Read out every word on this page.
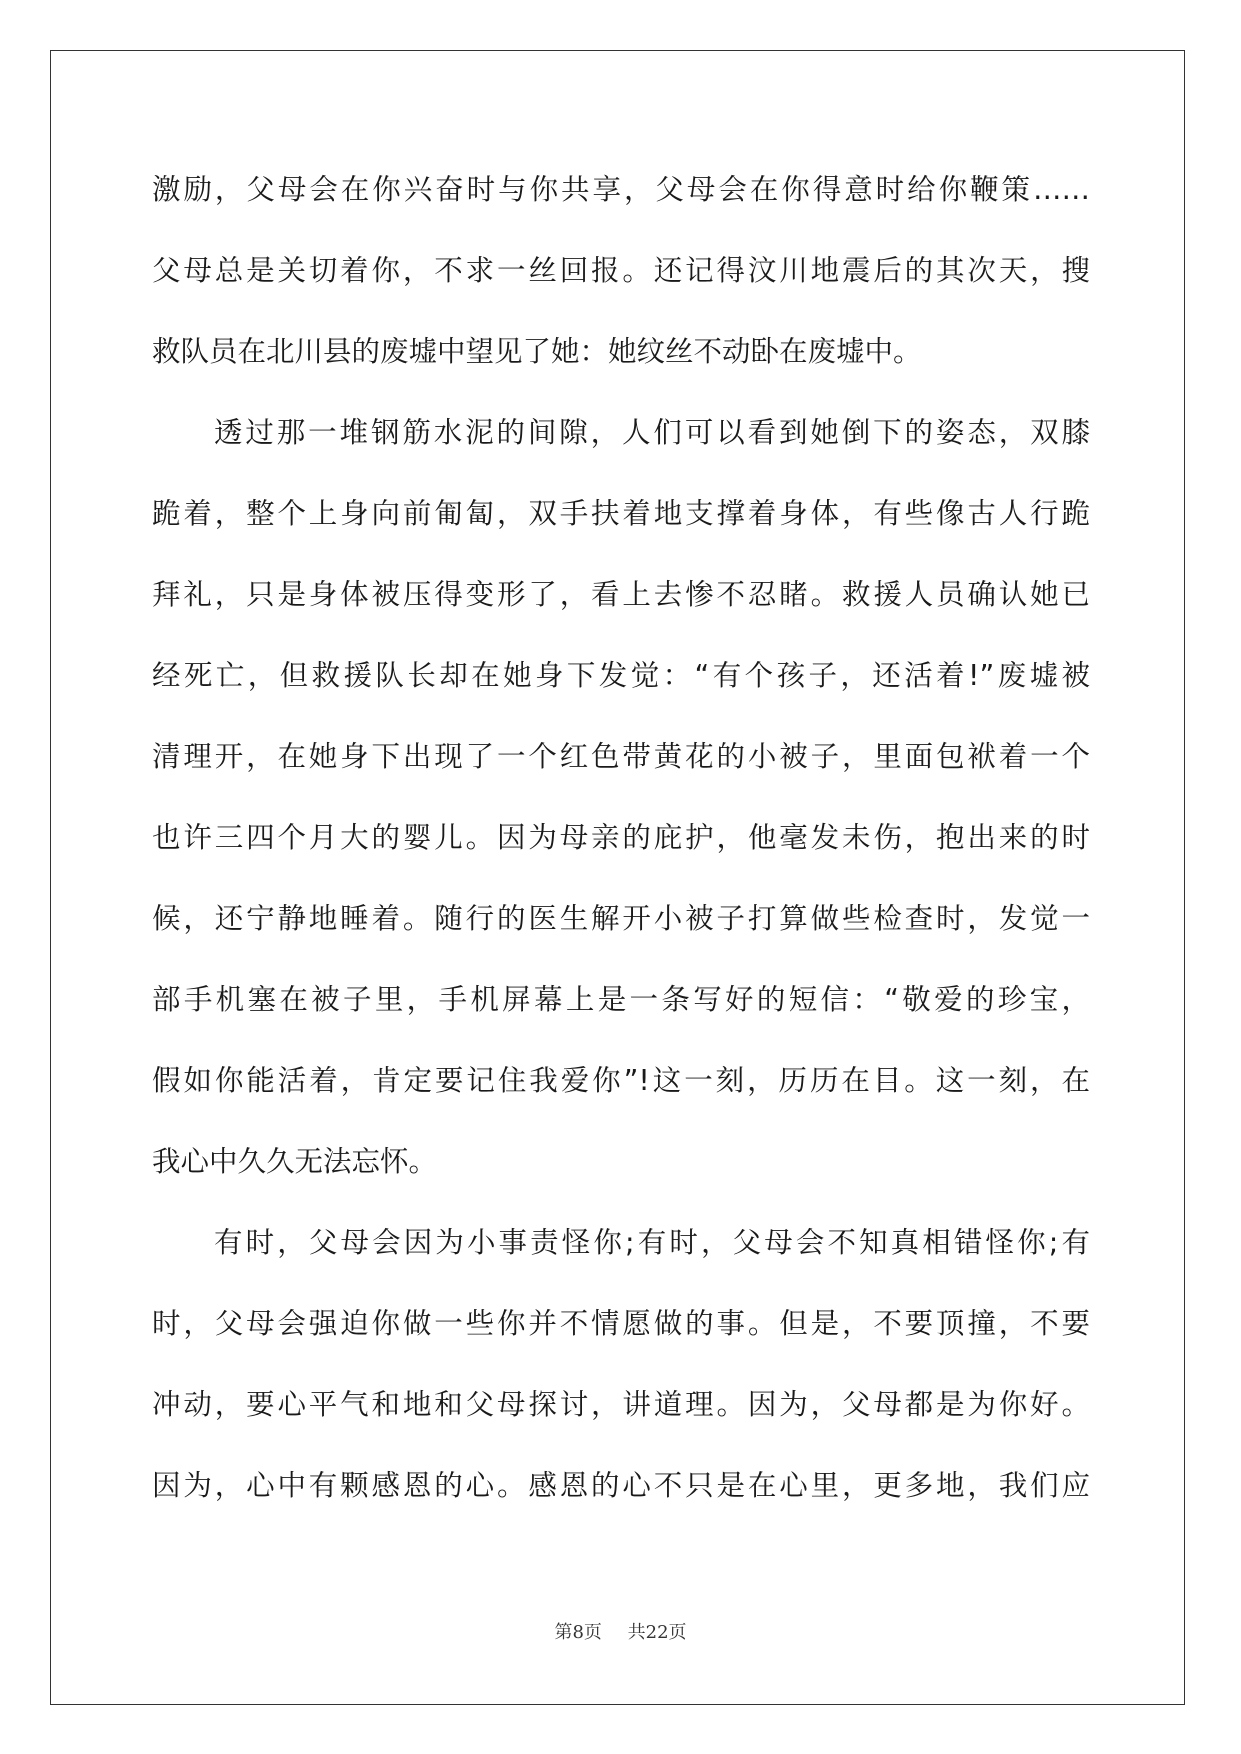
激励，父母会在你兴奋时与你共享，父母会在你得意时给你鞭策……
父母总是关切着你，不求一丝回报。还记得汶川地震后的其次天，搜
救队员在北川县的废墟中望见了她：她纹丝不动卧在废墟中。
透过那一堆钢筋水泥的间隙，人们可以看到她倒下的姿态，双膝
跪着，整个上身向前匍匐，双手扶着地支撑着身体，有些像古人行跪
拜礼，只是身体被压得变形了，看上去惨不忍睹。救援人员确认她已
经死亡，但救援队长却在她身下发觉：“有个孩子，还活着!”废墟被
清理开，在她身下出现了一个红色带黄花的小被子，里面包袱着一个
也许三四个月大的婴儿。因为母亲的庇护，他毫发未伤，抱出来的时
候，还宁静地睡着。随行的医生解开小被子打算做些检查时，发觉一
部手机塞在被子里，手机屏幕上是一条写好的短信：“敬爱的珍宝，
假如你能活着，肯定要记住我爱你”!这一刻，历历在目。这一刻，在
我心中久久无法忘怀。
有时，父母会因为小事责怪你;有时，父母会不知真相错怪你;有
时，父母会强迫你做一些你并不情愿做的事。但是，不要顶撞，不要
冲动，要心平气和地和父母探讨，讲道理。因为，父母都是为你好。
因为，心中有颗感恩的心。感恩的心不只是在心里，更多地，我们应
第8页 共22页
